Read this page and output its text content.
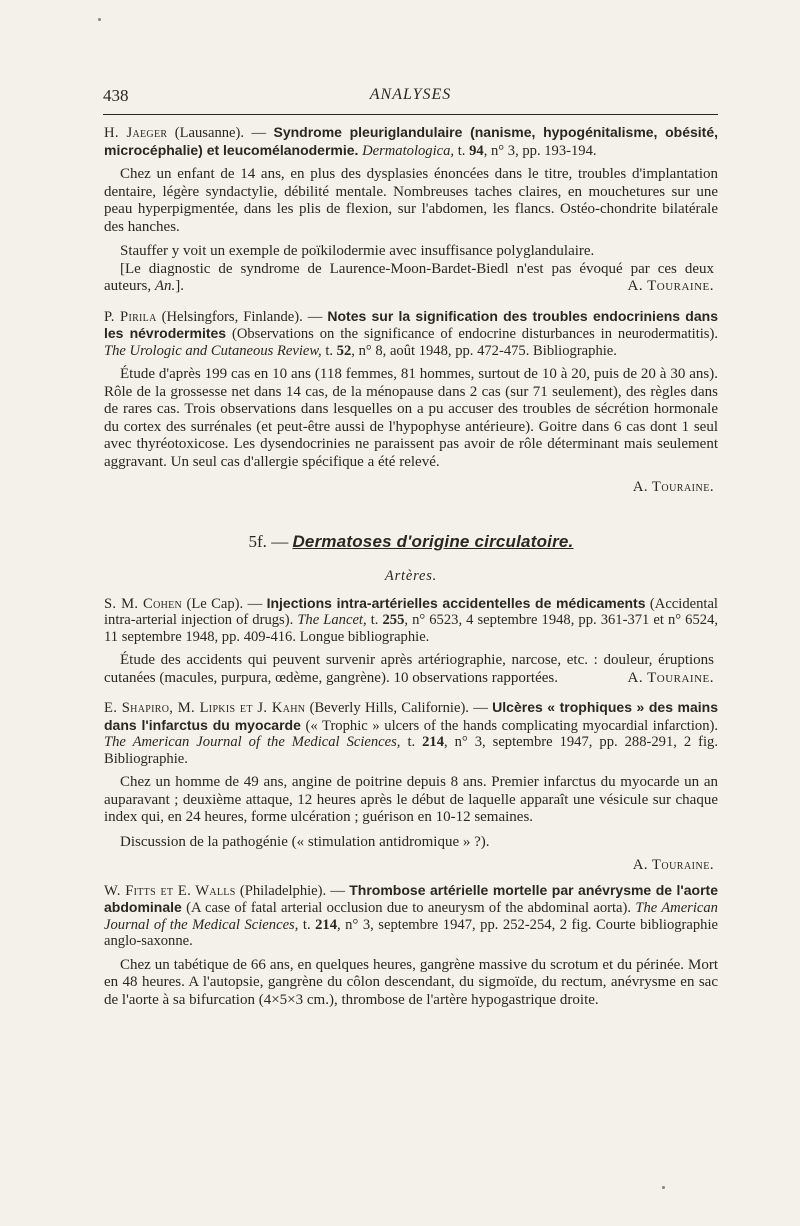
438	ANALYSES

H. Jaeger (Lausanne). — Syndrome pleuriglandulaire (nanisme, hypogénitalisme, obésité, microcéphalie) et leucomélanodermie. Dermatologica, t. 94, n° 3, pp. 193-194.

Chez un enfant de 14 ans, en plus des dysplasies énoncées dans le titre, troubles d'implantation dentaire, légère syndactylie, débilité mentale. Nombreuses taches claires, en mouchetures sur une peau hyperpigmentée, dans les plis de flexion, sur l'abdomen, les flancs. Ostéo-chondrite bilatérale des hanches.

Stauffer y voit un exemple de poïkilodermie avec insuffisance polyglandulaire.

[Le diagnostic de syndrome de Laurence-Moon-Bardet-Biedl n'est pas évoqué par ces deux auteurs, An.].	A. Touraine.

P. Pirila (Helsingfors, Finlande). — Notes sur la signification des troubles endocriniens dans les névrodermites (Observations on the significance of endocrine disturbances in neurodermatitis). The Urologic and Cutaneous Review, t. 52, n° 8, août 1948, pp. 472-475. Bibliographie.

Étude d'après 199 cas en 10 ans (118 femmes, 81 hommes, surtout de 10 à 20, puis de 20 à 30 ans). Rôle de la grossesse net dans 14 cas, de la ménopause dans 2 cas (sur 71 seulement), des règles dans de rares cas. Trois observations dans lesquelles on a pu accuser des troubles de sécrétion hormonale du cortex des surrénales (et peut-être aussi de l'hypophyse antérieure). Goitre dans 6 cas dont 1 seul avec thyréotoxicose. Les dysendocrinies ne paraissent pas avoir de rôle déterminant mais seulement aggravant. Un seul cas d'allergie spécifique a été relevé.

A. Touraine.

5f. — Dermatoses d'origine circulatoire.
Artères.

S. M. Cohen (Le Cap). — Injections intra-artérielles accidentelles de médicaments (Accidental intra-arterial injection of drugs). The Lancet, t. 255, n° 6523, 4 septembre 1948, pp. 361-371 et n° 6524, 11 septembre 1948, pp. 409-416. Longue bibliographie.

Étude des accidents qui peuvent survenir après artériographie, narcose, etc. : douleur, éruptions cutanées (macules, purpura, œdème, gangrène). 10 observations rapportées.	A. Touraine.

E. Shapiro, M. Lipkis et J. Kahn (Beverly Hills, Californie). — Ulcères « trophiques » des mains dans l'infarctus du myocarde (« Trophic » ulcers of the hands complicating myocardial infarction). The American Journal of the Medical Sciences, t. 214, n° 3, septembre 1947, pp. 288-291, 2 fig. Bibliographie.

Chez un homme de 49 ans, angine de poitrine depuis 8 ans. Premier infarctus du myocarde un an auparavant ; deuxième attaque, 12 heures après le début de laquelle apparaît une vésicule sur chaque index qui, en 24 heures, forme ulcération ; guérison en 10-12 semaines.

Discussion de la pathogénie (« stimulation antidromique » ?).

A. Touraine.

W. Fitts et E. Walls (Philadelphie). — Thrombose artérielle mortelle par anévrysme de l'aorte abdominale (A case of fatal arterial occlusion due to aneurysm of the abdominal aorta). The American Journal of the Medical Sciences, t. 214, n° 3, septembre 1947, pp. 252-254, 2 fig. Courte bibliographie anglo-saxonne.

Chez un tabétique de 66 ans, en quelques heures, gangrène massive du scrotum et du périnée. Mort en 48 heures. A l'autopsie, gangrène du côlon descendant, du sigmoïde, du rectum, anévrysme en sac de l'aorte à sa bifurcation (4×5×3 cm.), thrombose de l'artère hypogastrique droite.
